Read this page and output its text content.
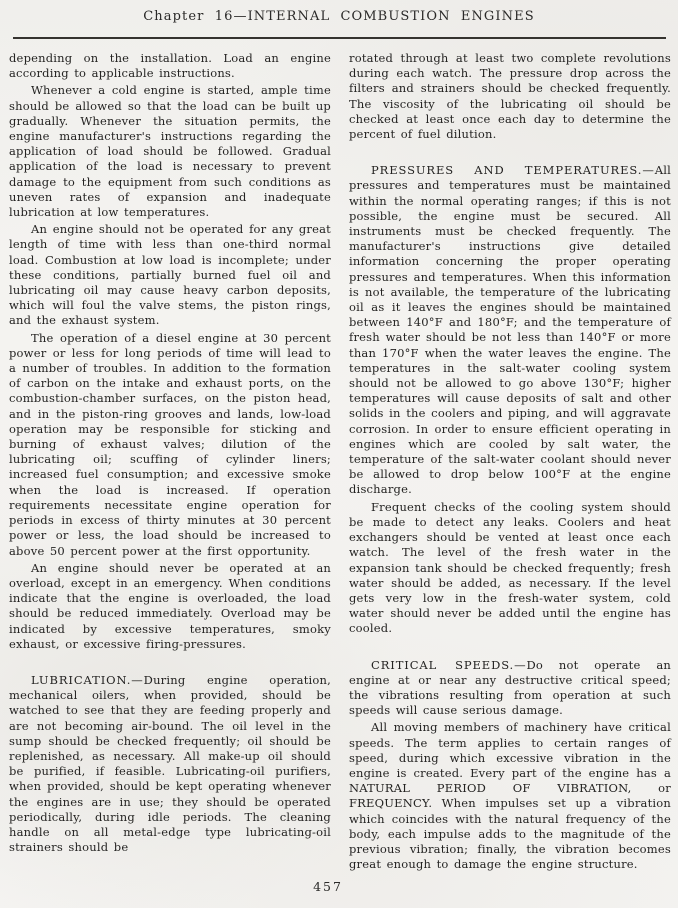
Chapter 16—INTERNAL COMBUSTION ENGINES

depending on the installation. Load an engine according to applicable instructions.

Whenever a cold engine is started, ample time should be allowed so that the load can be built up gradually. Whenever the situation permits, the engine manufacturer's instructions regarding the application of load should be followed. Gradual application of the load is necessary to prevent damage to the equipment from such conditions as uneven rates of expansion and inadequate lubrication at low temperatures.

An engine should not be operated for any great length of time with less than one-third normal load. Combustion at low load is incomplete; under these conditions, partially burned fuel oil and lubricating oil may cause heavy carbon deposits, which will foul the valve stems, the piston rings, and the exhaust system.

The operation of a diesel engine at 30 percent power or less for long periods of time will lead to a number of troubles. In addition to the formation of carbon on the intake and exhaust ports, on the combustion-chamber surfaces, on the piston head, and in the piston-ring grooves and lands, low-load operation may be responsible for sticking and burning of exhaust valves; dilution of the lubricating oil; scuffing of cylinder liners; increased fuel consumption; and excessive smoke when the load is increased. If operation requirements necessitate engine operation for periods in excess of thirty minutes at 30 percent power or less, the load should be increased to above 50 percent power at the first opportunity.

An engine should never be operated at an overload, except in an emergency. When conditions indicate that the engine is overloaded, the load should be reduced immediately. Overload may be indicated by excessive temperatures, smoky exhaust, or excessive firing-pressures.

LUBRICATION.—During engine operation, mechanical oilers, when provided, should be watched to see that they are feeding properly and are not becoming air-bound. The oil level in the sump should be checked frequently; oil should be replenished, as necessary. All make-up oil should be purified, if feasible. Lubricating-oil purifiers, when provided, should be kept operating whenever the engines are in use; they should be operated periodically, during idle periods. The cleaning handle on all metal-edge type lubricating-oil strainers should be

rotated through at least two complete revolutions during each watch. The pressure drop across the filters and strainers should be checked frequently. The viscosity of the lubricating oil should be checked at least once each day to determine the percent of fuel dilution.

PRESSURES AND TEMPERATURES.—All pressures and temperatures must be maintained within the normal operating ranges; if this is not possible, the engine must be secured. All instruments must be checked frequently. The manufacturer's instructions give detailed information concerning the proper operating pressures and temperatures. When this information is not available, the temperature of the lubricating oil as it leaves the engines should be maintained between 140°F and 180°F; and the temperature of fresh water should be not less than 140°F or more than 170°F when the water leaves the engine. The temperatures in the salt-water cooling system should not be allowed to go above 130°F; higher temperatures will cause deposits of salt and other solids in the coolers and piping, and will aggravate corrosion. In order to ensure efficient operating in engines which are cooled by salt water, the temperature of the salt-water coolant should never be allowed to drop below 100°F at the engine discharge.

Frequent checks of the cooling system should be made to detect any leaks. Coolers and heat exchangers should be vented at least once each watch. The level of the fresh water in the expansion tank should be checked frequently; fresh water should be added, as necessary. If the level gets very low in the fresh-water system, cold water should never be added until the engine has cooled.

CRITICAL SPEEDS.—Do not operate an engine at or near any destructive critical speed; the vibrations resulting from operation at such speeds will cause serious damage.

All moving members of machinery have critical speeds. The term applies to certain ranges of speed, during which excessive vibration in the engine is created. Every part of the engine has a NATURAL PERIOD OF VIBRATION, or FREQUENCY. When impulses set up a vibration which coincides with the natural frequency of the body, each impulse adds to the magnitude of the previous vibration; finally, the vibration becomes great enough to damage the engine structure.

457
